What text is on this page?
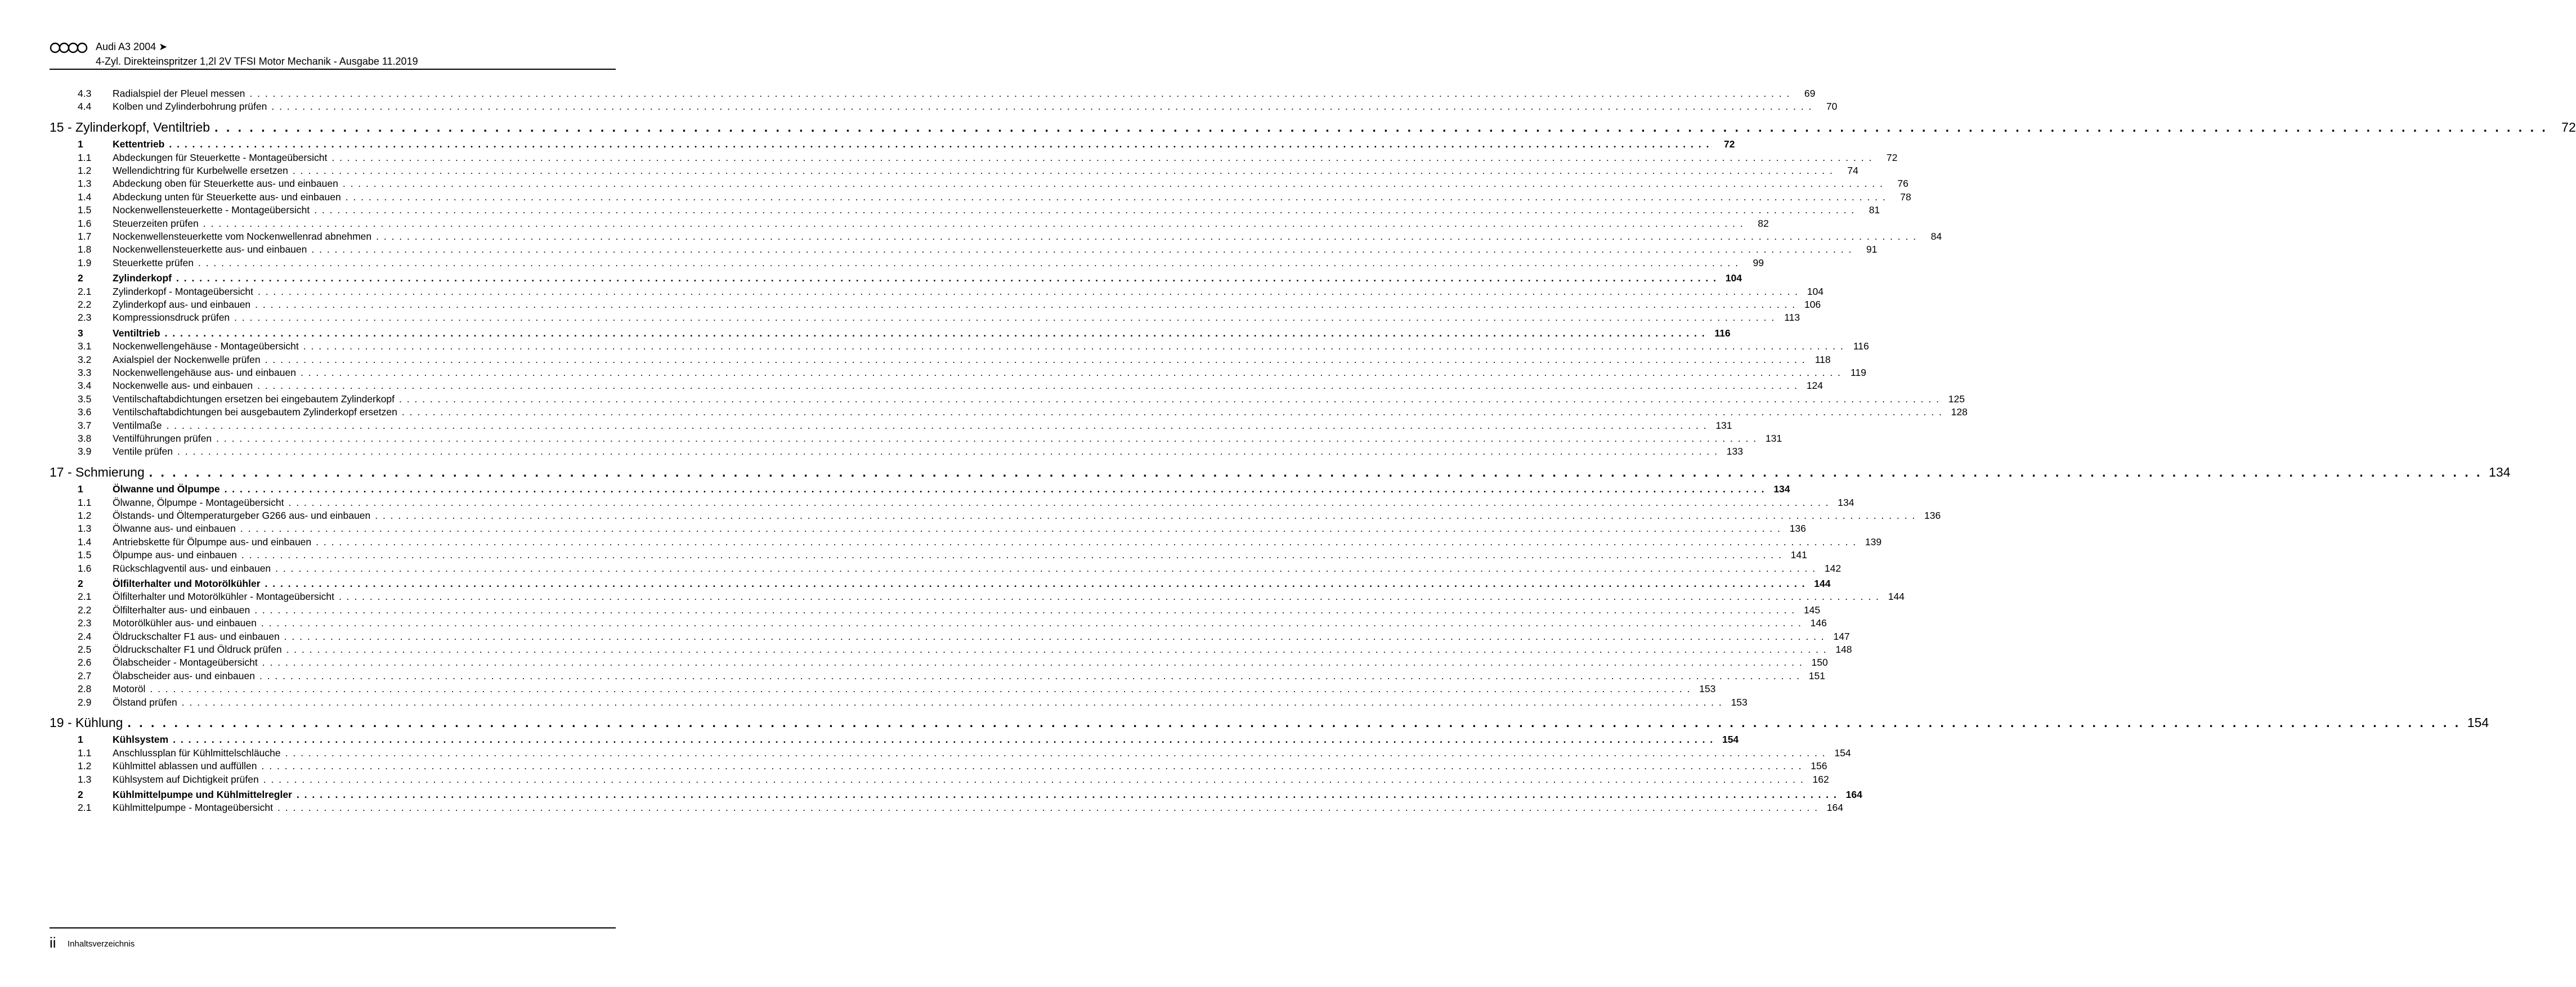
Audi A3 2004 ➤
4-Zyl. Direkteinspritzer 1,2l 2V TFSI Motor Mechanik - Ausgabe 11.2019
4.3	Radialspiel der Pleuel messen . . . . . . . . . . . . . . . . . . . . . . . . . . . . . . . . . . . . . . . . . . . . . . . . . . . . . . . . . . . . . . . . . . . . . . . . . . . . . . . . . . . . . . . . . . . . . . . . . . . . . . . . . . . . . . . . . . . . . . . . . . . . . . . . . . . . . . . . . . . . . . . . . . . . . . . . . . . . . . . . . . . . . . . . . . . . . . . . . . . . . . . . . . . . . . . . . . . . . . . .	69
4.4	Kolben und Zylinderbohrung prüfen . . . . . . . . . . . . . . . . . . . . . . . . . . . . . . . . . . . . . . . . . . . . . . . . . . . . . . . . . . . . . . . . . . . . . . . . . . . . . . . . . . . . . . . . . . . . . . . . . . . . . . . . . . . . . . . . . . . . . . . . . . . . . . . . . . . . . . . . . . . . . . . . . . . . . . . . . . . . . . . . . . . . . . . . . . . . . . . . . . . . . . . . . . . . . . . . . . . . . . . .	70
15 - Zylinderkopf, Ventiltrieb . . . . . . . . . . . . . . . . . . . . . . . . . . . . . . . . . . . . . . . . . . . . . . . . . . . . . . . . . . . . . . . . . . . . . . . . . . . . . . . . . . . . . . . . . . . . . . . . . . . . . . . . . . . . . . . . . . . . . . . . . . . . . . . . . . . . . . . . . . . . . . . . . . . . . . . . . . . . . . . . . . . . . . . . . . . . . . . . . . . . . . . . . . . . . . . . . . . . . . . .	72
1	Kettentrieb . . . . . . . . . . . . . . . . . . . . . . . . . . . . . . . . . . . . . . . . . . . . . . . . . . . . . . . . . . . . . . . . . . . . . . . . . . . . . . . . . . . . . . . . . . . . . . . . . . . . . . . . . . . . . . . . . . . . . . . . . . . . . . . . . . . . . . . . . . . . . . . . . . . . . . . . . . . . . . . . . . . . . . . . . . . . . . . . . . . . . . . . . . . . . . . . . . . . . . . .	72
1.1	Abdeckungen für Steuerkette - Montageübersicht . . . . . . . . . . . . . . . . . . . . . . . . . . . . . . . . . . . . . . . . . . . . . . . . . . . . . . . . . . . . . . . . . . . . . . . . . . . . . . . . . . . . . . . . . . . . . . . . . . . . . . . . . . . . . . . . . . . . . . . . . . . . . . . . . . . . . . . . . . . . . . . . . . . . . . . . . . . . . . . . . . . . . . . . . . . . . . . . . . . . . . . . . . . . . . . . . . . . . . . .	72
1.2	Wellendichtring für Kurbelwelle ersetzen . . . . . . . . . . . . . . . . . . . . . . . . . . . . . . . . . . . . . . . . . . . . . . . . . . . . . . . . . . . . . . . . . . . . . . . . . . . . . . . . . . . . . . . . . . . . . . . . . . . . . . . . . . . . . . . . . . . . . . . . . . . . . . . . . . . . . . . . . . . . . . . . . . . . . . . . . . . . . . . . . . . . . . . . . . . . . . . . . . . . . . . . . . . . . . . . . . . . . . . .	74
1.3	Abdeckung oben für Steuerkette aus- und einbauen . . . . . . . . . . . . . . . . . . . . . . . . . . . . . . . . . . . . . . . . . . . . . . . . . . . . . . . . . . . . . . . . . . . . . . . . . . . . . . . . . . . . . . . . . . . . . . . . . . . . . . . . . . . . . . . . . . . . . . . . . . . . . . . . . . . . . . . . . . . . . . . . . . . . . . . . . . . . . . . . . . . . . . . . . . . . . . . . . . . . . . . . . . . . . . . . . . . . . . . .	76
1.4	Abdeckung unten für Steuerkette aus- und einbauen . . . . . . . . . . . . . . . . . . . . . . . . . . . . . . . . . . . . . . . . . . . . . . . . . . . . . . . . . . . . . . . . . . . . . . . . . . . . . . . . . . . . . . . . . . . . . . . . . . . . . . . . . . . . . . . . . . . . . . . . . . . . . . . . . . . . . . . . . . . . . . . . . . . . . . . . . . . . . . . . . . . . . . . . . . . . . . . . . . . . . . . . . . . . . . . . . . . . . . . .	78
1.5	Nockenwellensteuerkette - Montageübersicht . . . . . . . . . . . . . . . . . . . . . . . . . . . . . . . . . . . . . . . . . . . . . . . . . . . . . . . . . . . . . . . . . . . . . . . . . . . . . . . . . . . . . . . . . . . . . . . . . . . . . . . . . . . . . . . . . . . . . . . . . . . . . . . . . . . . . . . . . . . . . . . . . . . . . . . . . . . . . . . . . . . . . . . . . . . . . . . . . . . . . . . . . . . . . . . . . . . . . . . .	81
1.6	Steuerzeiten prüfen . . . . . . . . . . . . . . . . . . . . . . . . . . . . . . . . . . . . . . . . . . . . . . . . . . . . . . . . . . . . . . . . . . . . . . . . . . . . . . . . . . . . . . . . . . . . . . . . . . . . . . . . . . . . . . . . . . . . . . . . . . . . . . . . . . . . . . . . . . . . . . . . . . . . . . . . . . . . . . . . . . . . . . . . . . . . . . . . . . . . . . . . . . . . . . . . . . . . . . . .	82
1.7	Nockenwellensteuerkette vom Nockenwellenrad abnehmen . . . . . . . . . . . . . . . . . . . . . . . . . . . . . . . . . . . . . . . . . . . . . . . . . . . . . . . . . . . . . . . . . . . . . . . . . . . . . . . . . . . . . . . . . . . . . . . . . . . . . . . . . . . . . . . . . . . . . . . . . . . . . . . . . . . . . . . . . . . . . . . . . . . . . . . . . . . . . . . . . . . . . . . . . . . . . . . . . . . . . . . . . . . . . . . . . . . . . . . .	84
1.8	Nockenwellensteuerkette aus- und einbauen . . . . . . . . . . . . . . . . . . . . . . . . . . . . . . . . . . . . . . . . . . . . . . . . . . . . . . . . . . . . . . . . . . . . . . . . . . . . . . . . . . . . . . . . . . . . . . . . . . . . . . . . . . . . . . . . . . . . . . . . . . . . . . . . . . . . . . . . . . . . . . . . . . . . . . . . . . . . . . . . . . . . . . . . . . . . . . . . . . . . . . . . . . . . . . . . . . . . . . . .	91
1.9	Steuerkette prüfen . . . . . . . . . . . . . . . . . . . . . . . . . . . . . . . . . . . . . . . . . . . . . . . . . . . . . . . . . . . . . . . . . . . . . . . . . . . . . . . . . . . . . . . . . . . . . . . . . . . . . . . . . . . . . . . . . . . . . . . . . . . . . . . . . . . . . . . . . . . . . . . . . . . . . . . . . . . . . . . . . . . . . . . . . . . . . . . . . . . . . . . . . . . . . . . . . . . . . . . .	99
2	Zylinderkopf . . . . . . . . . . . . . . . . . . . . . . . . . . . . . . . . . . . . . . . . . . . . . . . . . . . . . . . . . . . . . . . . . . . . . . . . . . . . . . . . . . . . . . . . . . . . . . . . . . . . . . . . . . . . . . . . . . . . . . . . . . . . . . . . . . . . . . . . . . . . . . . . . . . . . . . . . . . . . . . . . . . . . . . . . . . . . . . . . . . . . . . . . . . . . . . . . . . . . . . . 104
2.1	Zylinderkopf - Montageübersicht . . . . . . . . . . . . . . . . . . . . . . . . . . . . . . . . . . . . . . . . . . . . . . . . . . . . . . . . . . . . . . . . . . . . . . . . . . . . . . . . . . . . . . . . . . . . . . . . . . . . . . . . . . . . . . . . . . . . . . . . . . . . . . . . . . . . . . . . . . . . . . . . . . . . . . . . . . . . . . . . . . . . . . . . . . . . . . . . . . . . . . . . . . . . . . . . . . . . . . . . 104
2.2	Zylinderkopf aus- und einbauen . . . . . . . . . . . . . . . . . . . . . . . . . . . . . . . . . . . . . . . . . . . . . . . . . . . . . . . . . . . . . . . . . . . . . . . . . . . . . . . . . . . . . . . . . . . . . . . . . . . . . . . . . . . . . . . . . . . . . . . . . . . . . . . . . . . . . . . . . . . . . . . . . . . . . . . . . . . . . . . . . . . . . . . . . . . . . . . . . . . . . . . . . . . . . . . . . . . . . . . . 106
2.3	Kompressionsdruck prüfen . . . . . . . . . . . . . . . . . . . . . . . . . . . . . . . . . . . . . . . . . . . . . . . . . . . . . . . . . . . . . . . . . . . . . . . . . . . . . . . . . . . . . . . . . . . . . . . . . . . . . . . . . . . . . . . . . . . . . . . . . . . . . . . . . . . . . . . . . . . . . . . . . . . . . . . . . . . . . . . . . . . . . . . . . . . . . . . . . . . . . . . . . . . . . . . . . . . . . . . . 113
3	Ventiltrieb . . . . . . . . . . . . . . . . . . . . . . . . . . . . . . . . . . . . . . . . . . . . . . . . . . . . . . . . . . . . . . . . . . . . . . . . . . . . . . . . . . . . . . . . . . . . . . . . . . . . . . . . . . . . . . . . . . . . . . . . . . . . . . . . . . . . . . . . . . . . . . . . . . . . . . . . . . . . . . . . . . . . . . . . . . . . . . . . . . . . . . . . . . . . . . . . . . . . . . . . 116
3.1	Nockenwellengehäuse - Montageübersicht . . . . . . . . . . . . . . . . . . . . . . . . . . . . . . . . . . . . . . . . . . . . . . . . . . . . . . . . . . . . . . . . . . . . . . . . . . . . . . . . . . . . . . . . . . . . . . . . . . . . . . . . . . . . . . . . . . . . . . . . . . . . . . . . . . . . . . . . . . . . . . . . . . . . . . . . . . . . . . . . . . . . . . . . . . . . . . . . . . . . . . . . . . . . . . . . . . . . . . . . 116
3.2	Axialspiel der Nockenwelle prüfen . . . . . . . . . . . . . . . . . . . . . . . . . . . . . . . . . . . . . . . . . . . . . . . . . . . . . . . . . . . . . . . . . . . . . . . . . . . . . . . . . . . . . . . . . . . . . . . . . . . . . . . . . . . . . . . . . . . . . . . . . . . . . . . . . . . . . . . . . . . . . . . . . . . . . . . . . . . . . . . . . . . . . . . . . . . . . . . . . . . . . . . . . . . . . . . . . . . . . . . . 118
3.3	Nockenwellengehäuse aus- und einbauen . . . . . . . . . . . . . . . . . . . . . . . . . . . . . . . . . . . . . . . . . . . . . . . . . . . . . . . . . . . . . . . . . . . . . . . . . . . . . . . . . . . . . . . . . . . . . . . . . . . . . . . . . . . . . . . . . . . . . . . . . . . . . . . . . . . . . . . . . . . . . . . . . . . . . . . . . . . . . . . . . . . . . . . . . . . . . . . . . . . . . . . . . . . . . . . . . . . . . . . . 119
3.4	Nockenwelle aus- und einbauen . . . . . . . . . . . . . . . . . . . . . . . . . . . . . . . . . . . . . . . . . . . . . . . . . . . . . . . . . . . . . . . . . . . . . . . . . . . . . . . . . . . . . . . . . . . . . . . . . . . . . . . . . . . . . . . . . . . . . . . . . . . . . . . . . . . . . . . . . . . . . . . . . . . . . . . . . . . . . . . . . . . . . . . . . . . . . . . . . . . . . . . . . . . . . . . . . . . . . . . . 124
3.5	Ventilschaftabdichtungen ersetzen bei eingebautem Zylinderkopf . . . . . . . . . . . . . . . . . . . . . . . . . . . . . . . . . . . . . . . . . . . . . . . . . . . . . . . . . . . . . . . . . . . . . . . . . . . . . . . . . . . . . . . . . . . . . . . . . . . . . . . . . . . . . . . . . . . . . . . . . . . . . . . . . . . . . . . . . . . . . . . . . . . . . . . . . . . . . . . . . . . . . . . . . . . . . . . . . . . . . . . . . . . . . . . . . . . . . . . . 125
3.6	Ventilschaftabdichtungen bei ausgebautem Zylinderkopf ersetzen . . . . . . . . . . . . . . . . . . . . . . . . . . . . . . . . . . . . . . . . . . . . . . . . . . . . . . . . . . . . . . . . . . . . . . . . . . . . . . . . . . . . . . . . . . . . . . . . . . . . . . . . . . . . . . . . . . . . . . . . . . . . . . . . . . . . . . . . . . . . . . . . . . . . . . . . . . . . . . . . . . . . . . . . . . . . . . . . . . . . . . . . . . . . . . . . . . . . . . . . 128
3.7	Ventilmaße . . . . . . . . . . . . . . . . . . . . . . . . . . . . . . . . . . . . . . . . . . . . . . . . . . . . . . . . . . . . . . . . . . . . . . . . . . . . . . . . . . . . . . . . . . . . . . . . . . . . . . . . . . . . . . . . . . . . . . . . . . . . . . . . . . . . . . . . . . . . . . . . . . . . . . . . . . . . . . . . . . . . . . . . . . . . . . . . . . . . . . . . . . . . . . . . . . . . . . . . 131
3.8	Ventilführungen prüfen . . . . . . . . . . . . . . . . . . . . . . . . . . . . . . . . . . . . . . . . . . . . . . . . . . . . . . . . . . . . . . . . . . . . . . . . . . . . . . . . . . . . . . . . . . . . . . . . . . . . . . . . . . . . . . . . . . . . . . . . . . . . . . . . . . . . . . . . . . . . . . . . . . . . . . . . . . . . . . . . . . . . . . . . . . . . . . . . . . . . . . . . . . . . . . . . . . . . . . . . 131
3.9	Ventile prüfen . . . . . . . . . . . . . . . . . . . . . . . . . . . . . . . . . . . . . . . . . . . . . . . . . . . . . . . . . . . . . . . . . . . . . . . . . . . . . . . . . . . . . . . . . . . . . . . . . . . . . . . . . . . . . . . . . . . . . . . . . . . . . . . . . . . . . . . . . . . . . . . . . . . . . . . . . . . . . . . . . . . . . . . . . . . . . . . . . . . . . . . . . . . . . . . . . . . . . . . . 133
17 - Schmierung . . . . . . . . . . . . . . . . . . . . . . . . . . . . . . . . . . . . . . . . . . . . . . . . . . . . . . . . . . . . . . . . . . . . . . . . . . . . . . . . . . . . . . . . . . . . . . . . . . . . . . . . . . . . . . . . . . . . . . . . . . . . . . . . . . . . . . . . . . . . . . . . . . . . . . . . . . . . . . . . . . . . . . . . . . . . . . . . . . . . . . . . . . . . . . . . . . . . . . . . 134
1	Ölwanne und Ölpumpe . . . . . . . . . . . . . . . . . . . . . . . . . . . . . . . . . . . . . . . . . . . . . . . . . . . . . . . . . . . . . . . . . . . . . . . . . . . . . . . . . . . . . . . . . . . . . . . . . . . . . . . . . . . . . . . . . . . . . . . . . . . . . . . . . . . . . . . . . . . . . . . . . . . . . . . . . . . . . . . . . . . . . . . . . . . . . . . . . . . . . . . . . . . . . . . . . . . . . . . . 134
1.1	Ölwanne, Ölpumpe - Montageübersicht . . . . . . . . . . . . . . . . . . . . . . . . . . . . . . . . . . . . . . . . . . . . . . . . . . . . . . . . . . . . . . . . . . . . . . . . . . . . . . . . . . . . . . . . . . . . . . . . . . . . . . . . . . . . . . . . . . . . . . . . . . . . . . . . . . . . . . . . . . . . . . . . . . . . . . . . . . . . . . . . . . . . . . . . . . . . . . . . . . . . . . . . . . . . . . . . . . . . . . . . 134
1.2	Ölstands- und Öltemperaturgeber G266 aus- und einbauen . . . . . . . . . . . . . . . . . . . . . . . . . . . . . . . . . . . . . . . . . . . . . . . . . . . . . . . . . . . . . . . . . . . . . . . . . . . . . . . . . . . . . . . . . . . . . . . . . . . . . . . . . . . . . . . . . . . . . . . . . . . . . . . . . . . . . . . . . . . . . . . . . . . . . . . . . . . . . . . . . . . . . . . . . . . . . . . . . . . . . . . . . . . . . . . . . . . . . . . . 136
1.3	Ölwanne aus- und einbauen . . . . . . . . . . . . . . . . . . . . . . . . . . . . . . . . . . . . . . . . . . . . . . . . . . . . . . . . . . . . . . . . . . . . . . . . . . . . . . . . . . . . . . . . . . . . . . . . . . . . . . . . . . . . . . . . . . . . . . . . . . . . . . . . . . . . . . . . . . . . . . . . . . . . . . . . . . . . . . . . . . . . . . . . . . . . . . . . . . . . . . . . . . . . . . . . . . . . . . . . 136
1.4	Antriebskette für Ölpumpe aus- und einbauen . . . . . . . . . . . . . . . . . . . . . . . . . . . . . . . . . . . . . . . . . . . . . . . . . . . . . . . . . . . . . . . . . . . . . . . . . . . . . . . . . . . . . . . . . . . . . . . . . . . . . . . . . . . . . . . . . . . . . . . . . . . . . . . . . . . . . . . . . . . . . . . . . . . . . . . . . . . . . . . . . . . . . . . . . . . . . . . . . . . . . . . . . . . . . . . . . . . . . . . . 139
1.5	Ölpumpe aus- und einbauen . . . . . . . . . . . . . . . . . . . . . . . . . . . . . . . . . . . . . . . . . . . . . . . . . . . . . . . . . . . . . . . . . . . . . . . . . . . . . . . . . . . . . . . . . . . . . . . . . . . . . . . . . . . . . . . . . . . . . . . . . . . . . . . . . . . . . . . . . . . . . . . . . . . . . . . . . . . . . . . . . . . . . . . . . . . . . . . . . . . . . . . . . . . . . . . . . . . . . . . . 141
1.6	Rückschlagventil aus- und einbauen . . . . . . . . . . . . . . . . . . . . . . . . . . . . . . . . . . . . . . . . . . . . . . . . . . . . . . . . . . . . . . . . . . . . . . . . . . . . . . . . . . . . . . . . . . . . . . . . . . . . . . . . . . . . . . . . . . . . . . . . . . . . . . . . . . . . . . . . . . . . . . . . . . . . . . . . . . . . . . . . . . . . . . . . . . . . . . . . . . . . . . . . . . . . . . . . . . . . . . . . 142
2	Ölfilterhalter und Motorölkühler . . . . . . . . . . . . . . . . . . . . . . . . . . . . . . . . . . . . . . . . . . . . . . . . . . . . . . . . . . . . . . . . . . . . . . . . . . . . . . . . . . . . . . . . . . . . . . . . . . . . . . . . . . . . . . . . . . . . . . . . . . . . . . . . . . . . . . . . . . . . . . . . . . . . . . . . . . . . . . . . . . . . . . . . . . . . . . . . . . . . . . . . . . . . . . . . . . . . . . . . 144
2.1	Ölfilterhalter und Motorölkühler - Montageübersicht . . . . . . . . . . . . . . . . . . . . . . . . . . . . . . . . . . . . . . . . . . . . . . . . . . . . . . . . . . . . . . . . . . . . . . . . . . . . . . . . . . . . . . . . . . . . . . . . . . . . . . . . . . . . . . . . . . . . . . . . . . . . . . . . . . . . . . . . . . . . . . . . . . . . . . . . . . . . . . . . . . . . . . . . . . . . . . . . . . . . . . . . . . . . . . . . . . . . . . . . 144
2.2	Ölfilterhalter aus- und einbauen . . . . . . . . . . . . . . . . . . . . . . . . . . . . . . . . . . . . . . . . . . . . . . . . . . . . . . . . . . . . . . . . . . . . . . . . . . . . . . . . . . . . . . . . . . . . . . . . . . . . . . . . . . . . . . . . . . . . . . . . . . . . . . . . . . . . . . . . . . . . . . . . . . . . . . . . . . . . . . . . . . . . . . . . . . . . . . . . . . . . . . . . . . . . . . . . . . . . . . . . 145
2.3	Motorölkühler aus- und einbauen . . . . . . . . . . . . . . . . . . . . . . . . . . . . . . . . . . . . . . . . . . . . . . . . . . . . . . . . . . . . . . . . . . . . . . . . . . . . . . . . . . . . . . . . . . . . . . . . . . . . . . . . . . . . . . . . . . . . . . . . . . . . . . . . . . . . . . . . . . . . . . . . . . . . . . . . . . . . . . . . . . . . . . . . . . . . . . . . . . . . . . . . . . . . . . . . . . . . . . . . 146
2.4	Öldruckschalter F1 aus- und einbauen . . . . . . . . . . . . . . . . . . . . . . . . . . . . . . . . . . . . . . . . . . . . . . . . . . . . . . . . . . . . . . . . . . . . . . . . . . . . . . . . . . . . . . . . . . . . . . . . . . . . . . . . . . . . . . . . . . . . . . . . . . . . . . . . . . . . . . . . . . . . . . . . . . . . . . . . . . . . . . . . . . . . . . . . . . . . . . . . . . . . . . . . . . . . . . . . . . . . . . . . 147
2.5	Öldruckschalter F1 und Öldruck prüfen . . . . . . . . . . . . . . . . . . . . . . . . . . . . . . . . . . . . . . . . . . . . . . . . . . . . . . . . . . . . . . . . . . . . . . . . . . . . . . . . . . . . . . . . . . . . . . . . . . . . . . . . . . . . . . . . . . . . . . . . . . . . . . . . . . . . . . . . . . . . . . . . . . . . . . . . . . . . . . . . . . . . . . . . . . . . . . . . . . . . . . . . . . . . . . . . . . . . . . . . 148
2.6	Ölabscheider - Montageübersicht . . . . . . . . . . . . . . . . . . . . . . . . . . . . . . . . . . . . . . . . . . . . . . . . . . . . . . . . . . . . . . . . . . . . . . . . . . . . . . . . . . . . . . . . . . . . . . . . . . . . . . . . . . . . . . . . . . . . . . . . . . . . . . . . . . . . . . . . . . . . . . . . . . . . . . . . . . . . . . . . . . . . . . . . . . . . . . . . . . . . . . . . . . . . . . . . . . . . . . . . 150
2.7	Ölabscheider aus- und einbauen . . . . . . . . . . . . . . . . . . . . . . . . . . . . . . . . . . . . . . . . . . . . . . . . . . . . . . . . . . . . . . . . . . . . . . . . . . . . . . . . . . . . . . . . . . . . . . . . . . . . . . . . . . . . . . . . . . . . . . . . . . . . . . . . . . . . . . . . . . . . . . . . . . . . . . . . . . . . . . . . . . . . . . . . . . . . . . . . . . . . . . . . . . . . . . . . . . . . . . . . 151
2.8	Motoröl . . . . . . . . . . . . . . . . . . . . . . . . . . . . . . . . . . . . . . . . . . . . . . . . . . . . . . . . . . . . . . . . . . . . . . . . . . . . . . . . . . . . . . . . . . . . . . . . . . . . . . . . . . . . . . . . . . . . . . . . . . . . . . . . . . . . . . . . . . . . . . . . . . . . . . . . . . . . . . . . . . . . . . . . . . . . . . . . . . . . . . . . . . . . . . . . . . . . . . . . 153
2.9	Ölstand prüfen . . . . . . . . . . . . . . . . . . . . . . . . . . . . . . . . . . . . . . . . . . . . . . . . . . . . . . . . . . . . . . . . . . . . . . . . . . . . . . . . . . . . . . . . . . . . . . . . . . . . . . . . . . . . . . . . . . . . . . . . . . . . . . . . . . . . . . . . . . . . . . . . . . . . . . . . . . . . . . . . . . . . . . . . . . . . . . . . . . . . . . . . . . . . . . . . . . . . . . . . 153
19 - Kühlung . . . . . . . . . . . . . . . . . . . . . . . . . . . . . . . . . . . . . . . . . . . . . . . . . . . . . . . . . . . . . . . . . . . . . . . . . . . . . . . . . . . . . . . . . . . . . . . . . . . . . . . . . . . . . . . . . . . . . . . . . . . . . . . . . . . . . . . . . . . . . . . . . . . . . . . . . . . . . . . . . . . . . . . . . . . . . . . . . . . . . . . . . . . . . . . . . . . . . . . . 154
1	Kühlsystem . . . . . . . . . . . . . . . . . . . . . . . . . . . . . . . . . . . . . . . . . . . . . . . . . . . . . . . . . . . . . . . . . . . . . . . . . . . . . . . . . . . . . . . . . . . . . . . . . . . . . . . . . . . . . . . . . . . . . . . . . . . . . . . . . . . . . . . . . . . . . . . . . . . . . . . . . . . . . . . . . . . . . . . . . . . . . . . . . . . . . . . . . . . . . . . . . . . . . . . . 154
1.1	Anschlussplan für Kühlmittelschläuche . . . . . . . . . . . . . . . . . . . . . . . . . . . . . . . . . . . . . . . . . . . . . . . . . . . . . . . . . . . . . . . . . . . . . . . . . . . . . . . . . . . . . . . . . . . . . . . . . . . . . . . . . . . . . . . . . . . . . . . . . . . . . . . . . . . . . . . . . . . . . . . . . . . . . . . . . . . . . . . . . . . . . . . . . . . . . . . . . . . . . . . . . . . . . . . . . . . . . . . . 154
1.2	Kühlmittel ablassen und auffüllen . . . . . . . . . . . . . . . . . . . . . . . . . . . . . . . . . . . . . . . . . . . . . . . . . . . . . . . . . . . . . . . . . . . . . . . . . . . . . . . . . . . . . . . . . . . . . . . . . . . . . . . . . . . . . . . . . . . . . . . . . . . . . . . . . . . . . . . . . . . . . . . . . . . . . . . . . . . . . . . . . . . . . . . . . . . . . . . . . . . . . . . . . . . . . . . . . . . . . . . . 156
1.3	Kühlsystem auf Dichtigkeit prüfen . . . . . . . . . . . . . . . . . . . . . . . . . . . . . . . . . . . . . . . . . . . . . . . . . . . . . . . . . . . . . . . . . . . . . . . . . . . . . . . . . . . . . . . . . . . . . . . . . . . . . . . . . . . . . . . . . . . . . . . . . . . . . . . . . . . . . . . . . . . . . . . . . . . . . . . . . . . . . . . . . . . . . . . . . . . . . . . . . . . . . . . . . . . . . . . . . . . . . . . . 162
2	Kühlmittelpumpe und Kühlmittelregler . . . . . . . . . . . . . . . . . . . . . . . . . . . . . . . . . . . . . . . . . . . . . . . . . . . . . . . . . . . . . . . . . . . . . . . . . . . . . . . . . . . . . . . . . . . . . . . . . . . . . . . . . . . . . . . . . . . . . . . . . . . . . . . . . . . . . . . . . . . . . . . . . . . . . . . . . . . . . . . . . . . . . . . . . . . . . . . . . . . . . . . . . . . . . . . . . . . . . . . . 164
2.1	Kühlmittelpumpe - Montageübersicht . . . . . . . . . . . . . . . . . . . . . . . . . . . . . . . . . . . . . . . . . . . . . . . . . . . . . . . . . . . . . . . . . . . . . . . . . . . . . . . . . . . . . . . . . . . . . . . . . . . . . . . . . . . . . . . . . . . . . . . . . . . . . . . . . . . . . . . . . . . . . . . . . . . . . . . . . . . . . . . . . . . . . . . . . . . . . . . . . . . . . . . . . . . . . . . . . . . . . . . . 164
ii Inhaltsverzeichnis
